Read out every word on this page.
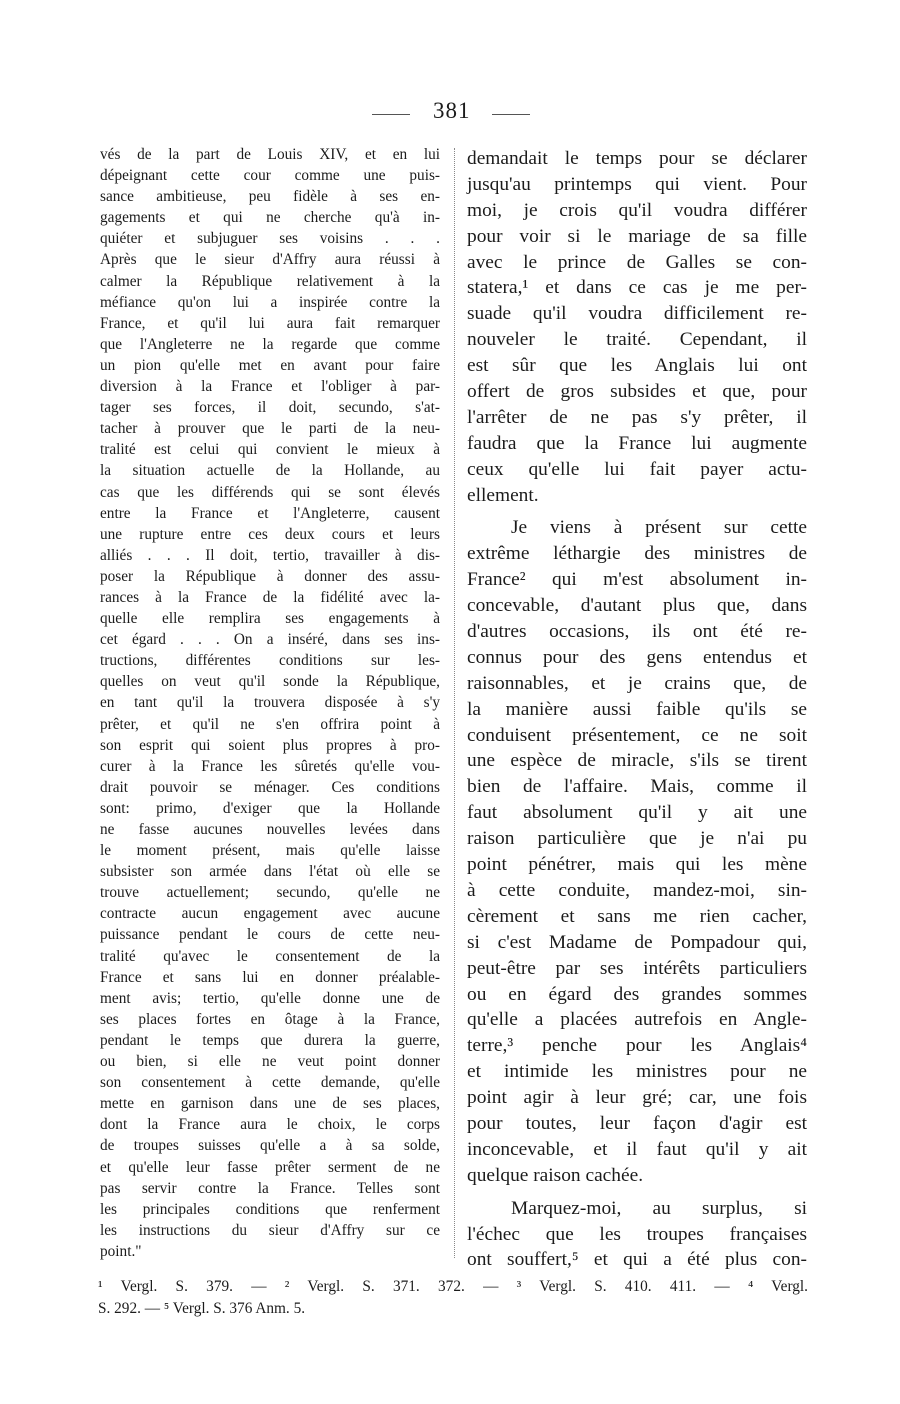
381
vés de la part de Louis XIV, et en lui
dépeignant cette cour comme une puis-
sance ambitieuse, peu fidèle à ses en-
gagements et qui ne cherche qu'à in-
quiéter et subjuguer ses voisins . . .
Après que le sieur d'Affry aura réussi à
calmer la République relativement à la
méfiance qu'on lui a inspirée contre la
France, et qu'il lui aura fait remarquer
que l'Angleterre ne la regarde que comme
un pion qu'elle met en avant pour faire
diversion à la France et l'obliger à par-
tager ses forces, il doit, secundo, s'at-
tacher à prouver que le parti de la neu-
tralité est celui qui convient le mieux à
la situation actuelle de la Hollande, au
cas que les différends qui se sont élevés
entre la France et l'Angleterre, causent
une rupture entre ces deux cours et leurs
alliés . . . Il doit, tertio, travailler à dis-
poser la République à donner des assu-
rances à la France de la fidélité avec la-
quelle elle remplira ses engagements à
cet égard . . . On a inséré, dans ses ins-
tructions, différentes conditions sur les-
quelles on veut qu'il sonde la République,
en tant qu'il la trouvera disposée à s'y
prêter, et qu'il ne s'en offrira point à
son esprit qui soient plus propres à pro-
curer à la France les sûretés qu'elle vou-
drait pouvoir se ménager. Ces conditions
sont: primo, d'exiger que la Hollande
ne fasse aucunes nouvelles levées dans
le moment présent, mais qu'elle laisse
subsister son armée dans l'état où elle se
trouve actuellement; secundo, qu'elle ne
contracte aucun engagement avec aucune
puissance pendant le cours de cette neu-
tralité qu'avec le consentement de la
France et sans lui en donner préalable-
ment avis; tertio, qu'elle donne une de
ses places fortes en ôtage à la France,
pendant le temps que durera la guerre,
ou bien, si elle ne veut point donner
son consentement à cette demande, qu'elle
mette en garnison dans une de ses places,
dont la France aura le choix, le corps
de troupes suisses qu'elle a à sa solde,
et qu'elle leur fasse prêter serment de ne
pas servir contre la France. Telles sont
les principales conditions que renferment
les instructions du sieur d'Affry sur ce
point."
demandait le temps pour se déclarer
jusqu'au printemps qui vient. Pour
moi, je crois qu'il voudra différer
pour voir si le mariage de sa fille
avec le prince de Galles se con-
statera,¹ et dans ce cas je me per-
suade qu'il voudra difficilement re-
nouveler le traité. Cependant, il
est sûr que les Anglais lui ont
offert de gros subsides et que, pour
l'arrêter de ne pas s'y prêter, il
faudra que la France lui augmente
ceux qu'elle lui fait payer actu-
ellement.
Je viens à présent sur cette
extrême léthargie des ministres de
France² qui m'est absolument in-
concevable, d'autant plus que, dans
d'autres occasions, ils ont été re-
connus pour des gens entendus et
raisonnables, et je crains que, de
la manière aussi faible qu'ils se
conduisent présentement, ce ne soit
une espèce de miracle, s'ils se tirent
bien de l'affaire. Mais, comme il
faut absolument qu'il y ait une
raison particulière que je n'ai pu
point pénétrer, mais qui les mène
à cette conduite, mandez-moi, sin-
cèrement et sans me rien cacher,
si c'est Madame de Pompadour qui,
peut-être par ses intérêts particuliers
ou en égard des grandes sommes
qu'elle a placées autrefois en Angle-
terre,³ penche pour les Anglais⁴
et intimide les ministres pour ne
point agir à leur gré; car, une fois
pour toutes, leur façon d'agir est
inconcevable, et il faut qu'il y ait
quelque raison cachée.
Marquez-moi, au surplus, si
l'échec que les troupes françaises
ont souffert,⁵ et qui a été plus con-
¹ Vergl. S. 379. — ² Vergl. S. 371. 372. — ³ Vergl. S. 410. 411. — ⁴ Vergl.
S. 292. — ⁵ Vergl. S. 376 Anm. 5.
